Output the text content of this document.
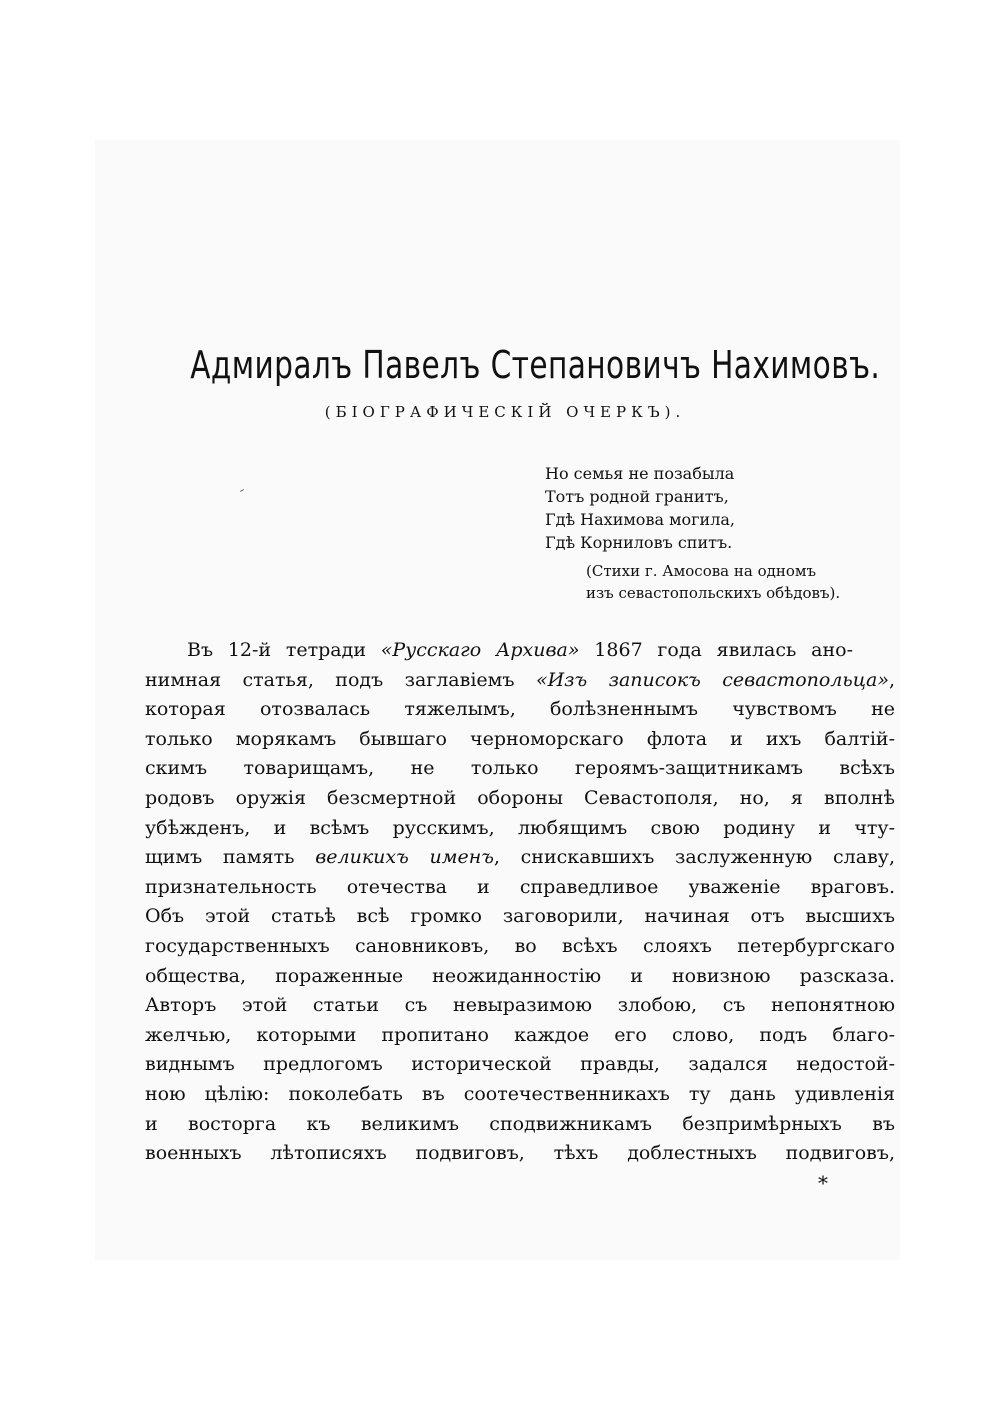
Адмиралъ Павелъ Степановичъ Нахимовъ.
(БІОГРАФИЧЕСКІЙ ОЧЕРКЪ).
Но семья не позабыла
Тотъ родной гранитъ,
Гдѣ Нахимова могила,
Гдѣ Корниловъ спитъ.
(Стихи г. Амосова на одномъ
изъ севастопольскихъ обѣдовъ).
Въ 12-й тетради «Русскаго Архива» 1867 года явилась ано-
нимная статья, подъ заглавіемъ «Изъ записокъ севастопольца»,
которая отозвалась тяжелымъ, болѣзненнымъ чувствомъ не
только морякамъ бывшаго черноморскаго флота и ихъ балтій-
скимъ товарищамъ, не только героямъ-защитникамъ всѣхъ
родовъ оружія безсмертной обороны Севастополя, но, я вполнѣ
убѣжденъ, и всѣмъ русскимъ, любящимъ свою родину и чту-
щимъ память великихъ именъ, снискавшихъ заслуженную славу,
признательность отечества и справедливое уваженіе враговъ.
Объ этой статьѣ всѣ громко заговорили, начиная отъ высшихъ
государственныхъ сановниковъ, во всѣхъ слояхъ петербургскаго
общества, пораженные неожиданностію и новизною разсказа.
Авторъ этой статьи съ невыразимою злобою, съ непонятною
желчью, которыми пропитано каждое его слово, подъ благо-
виднымъ предлогомъ исторической правды, задался недостой-
ною цѣлію: поколебать въ соотечественникахъ ту дань удивленія
и восторга къ великимъ сподвижникамъ безпримѣрныхъ въ
военныхъ лѣтописяхъ подвиговъ, тѣхъ доблестныхъ подвиговъ,
*
